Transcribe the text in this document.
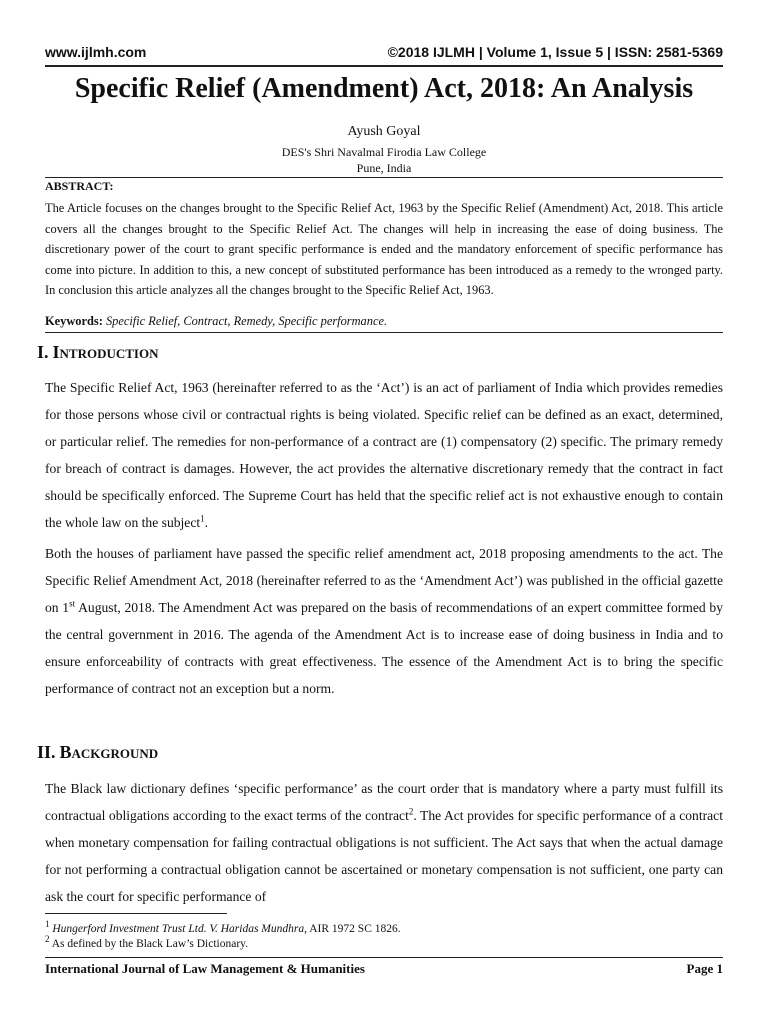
www.ijlmh.com	©2018 IJLMH | Volume 1, Issue 5 | ISSN: 2581-5369
Specific Relief (Amendment) Act, 2018: An Analysis
Ayush Goyal
DES's Shri Navalmal Firodia Law College
Pune, India
ABSTRACT:

The Article focuses on the changes brought to the Specific Relief Act, 1963 by the Specific Relief (Amendment) Act, 2018. This article covers all the changes brought to the Specific Relief Act. The changes will help in increasing the ease of doing business. The discretionary power of the court to grant specific performance is ended and the mandatory enforcement of specific performance has come into picture. In addition to this, a new concept of substituted performance has been introduced as a remedy to the wronged party. In conclusion this article analyzes all the changes brought to the Specific Relief Act, 1963.

Keywords: Specific Relief, Contract, Remedy, Specific performance.
I. INTRODUCTION

The Specific Relief Act, 1963 (hereinafter referred to as the ‘Act’) is an act of parliament of India which provides remedies for those persons whose civil or contractual rights is being violated. Specific relief can be defined as an exact, determined, or particular relief. The remedies for non-performance of a contract are (1) compensatory (2) specific. The primary remedy for breach of contract is damages. However, the act provides the alternative discretionary remedy that the contract in fact should be specifically enforced. The Supreme Court has held that the specific relief act is not exhaustive enough to contain the whole law on the subject$^1$.

Both the houses of parliament have passed the specific relief amendment act, 2018 proposing amendments to the act. The Specific Relief Amendment Act, 2018 (hereinafter referred to as the ‘Amendment Act’) was published in the official gazette on 1st August, 2018. The Amendment Act was prepared on the basis of recommendations of an expert committee formed by the central government in 2016. The agenda of the Amendment Act is to increase ease of doing business in India and to ensure enforceability of contracts with great effectiveness. The essence of the Amendment Act is to bring the specific performance of contract not an exception but a norm.

II. BACKGROUND

The Black law dictionary defines ‘specific performance’ as the court order that is mandatory where a party must fulfill its contractual obligations according to the exact terms of the contract$^2$. The Act provides for specific performance of a contract when monetary compensation for failing contractual obligations is not sufficient. The Act says that when the actual damage for not performing a contractual obligation cannot be ascertained or monetary compensation is not sufficient, one party can ask the court for specific performance of

$^1$ Hungerford Investment Trust Ltd. V. Haridas Mundhra, AIR 1972 SC 1826.
$^2$ As defined by the Black Law’s Dictionary.
International Journal of Law Management & Humanities	Page 1
